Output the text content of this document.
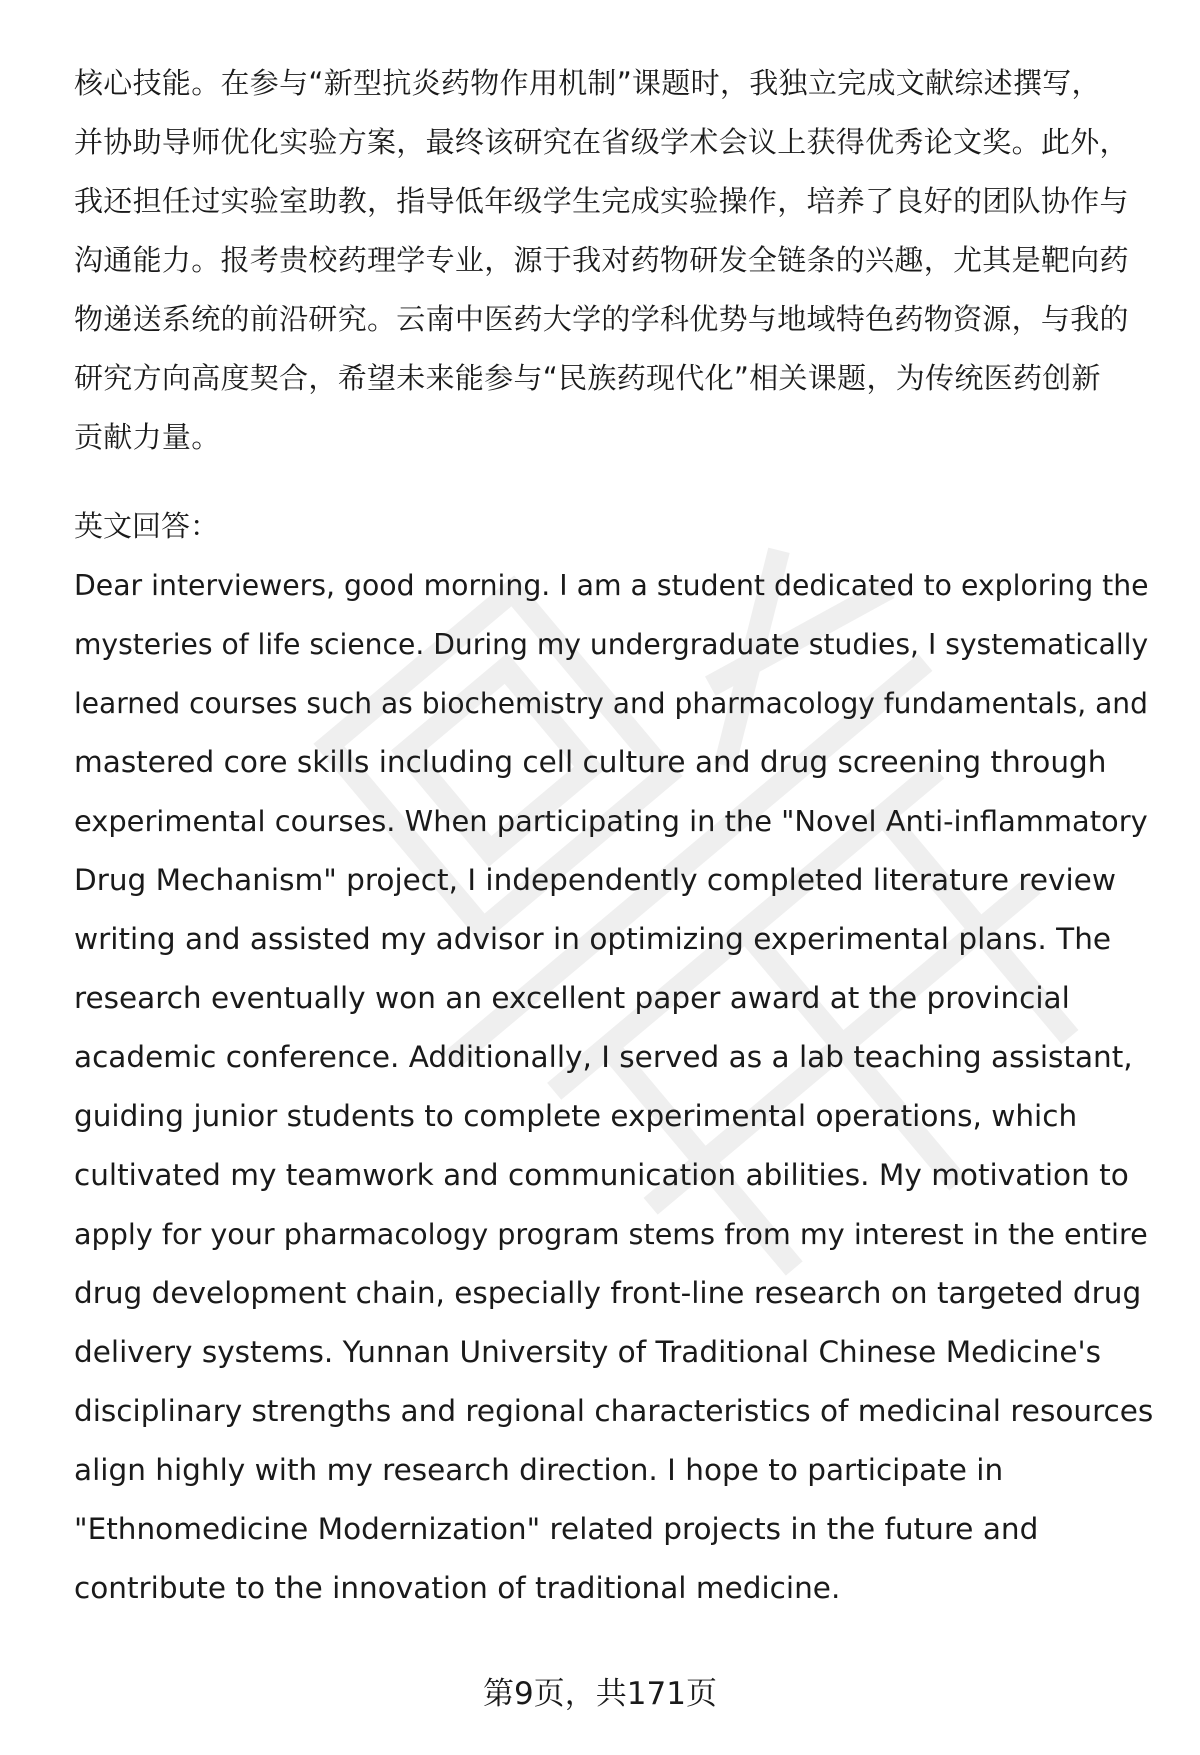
核心技能。在参与“新型抗炎药物作用机制”课题时，我独立完成文献综述撰写，
并协助导师优化实验方案，最终该研究在省级学术会议上获得优秀论文奖。此外，
我还担任过实验室助教，指导低年级学生完成实验操作，培养了良好的团队协作与
沟通能力。报考贵校药理学专业，源于我对药物研发全链条的兴趣，尤其是靶向药
物递送系统的前沿研究。云南中医药大学的学科优势与地域特色药物资源，与我的
研究方向高度契合，希望未来能参与“民族药现代化”相关课题，为传统医药创新
贡献力量。
英文回答：
Dear interviewers, good morning. I am a student dedicated to exploring the
mysteries of life science. During my undergraduate studies, I systematically
learned courses such as biochemistry and pharmacology fundamentals, and
mastered core skills including cell culture and drug screening through
experimental courses. When participating in the "Novel Anti-inflammatory
Drug Mechanism" project, I independently completed literature review
writing and assisted my advisor in optimizing experimental plans. The
research eventually won an excellent paper award at the provincial
academic conference. Additionally, I served as a lab teaching assistant,
guiding junior students to complete experimental operations, which
cultivated my teamwork and communication abilities. My motivation to
apply for your pharmacology program stems from my interest in the entire
drug development chain, especially front-line research on targeted drug
delivery systems. Yunnan University of Traditional Chinese Medicine's
disciplinary strengths and regional characteristics of medicinal resources
align highly with my research direction. I hope to participate in
"Ethnomedicine Modernization" related projects in the future and
contribute to the innovation of traditional medicine.
第9页，共171页
